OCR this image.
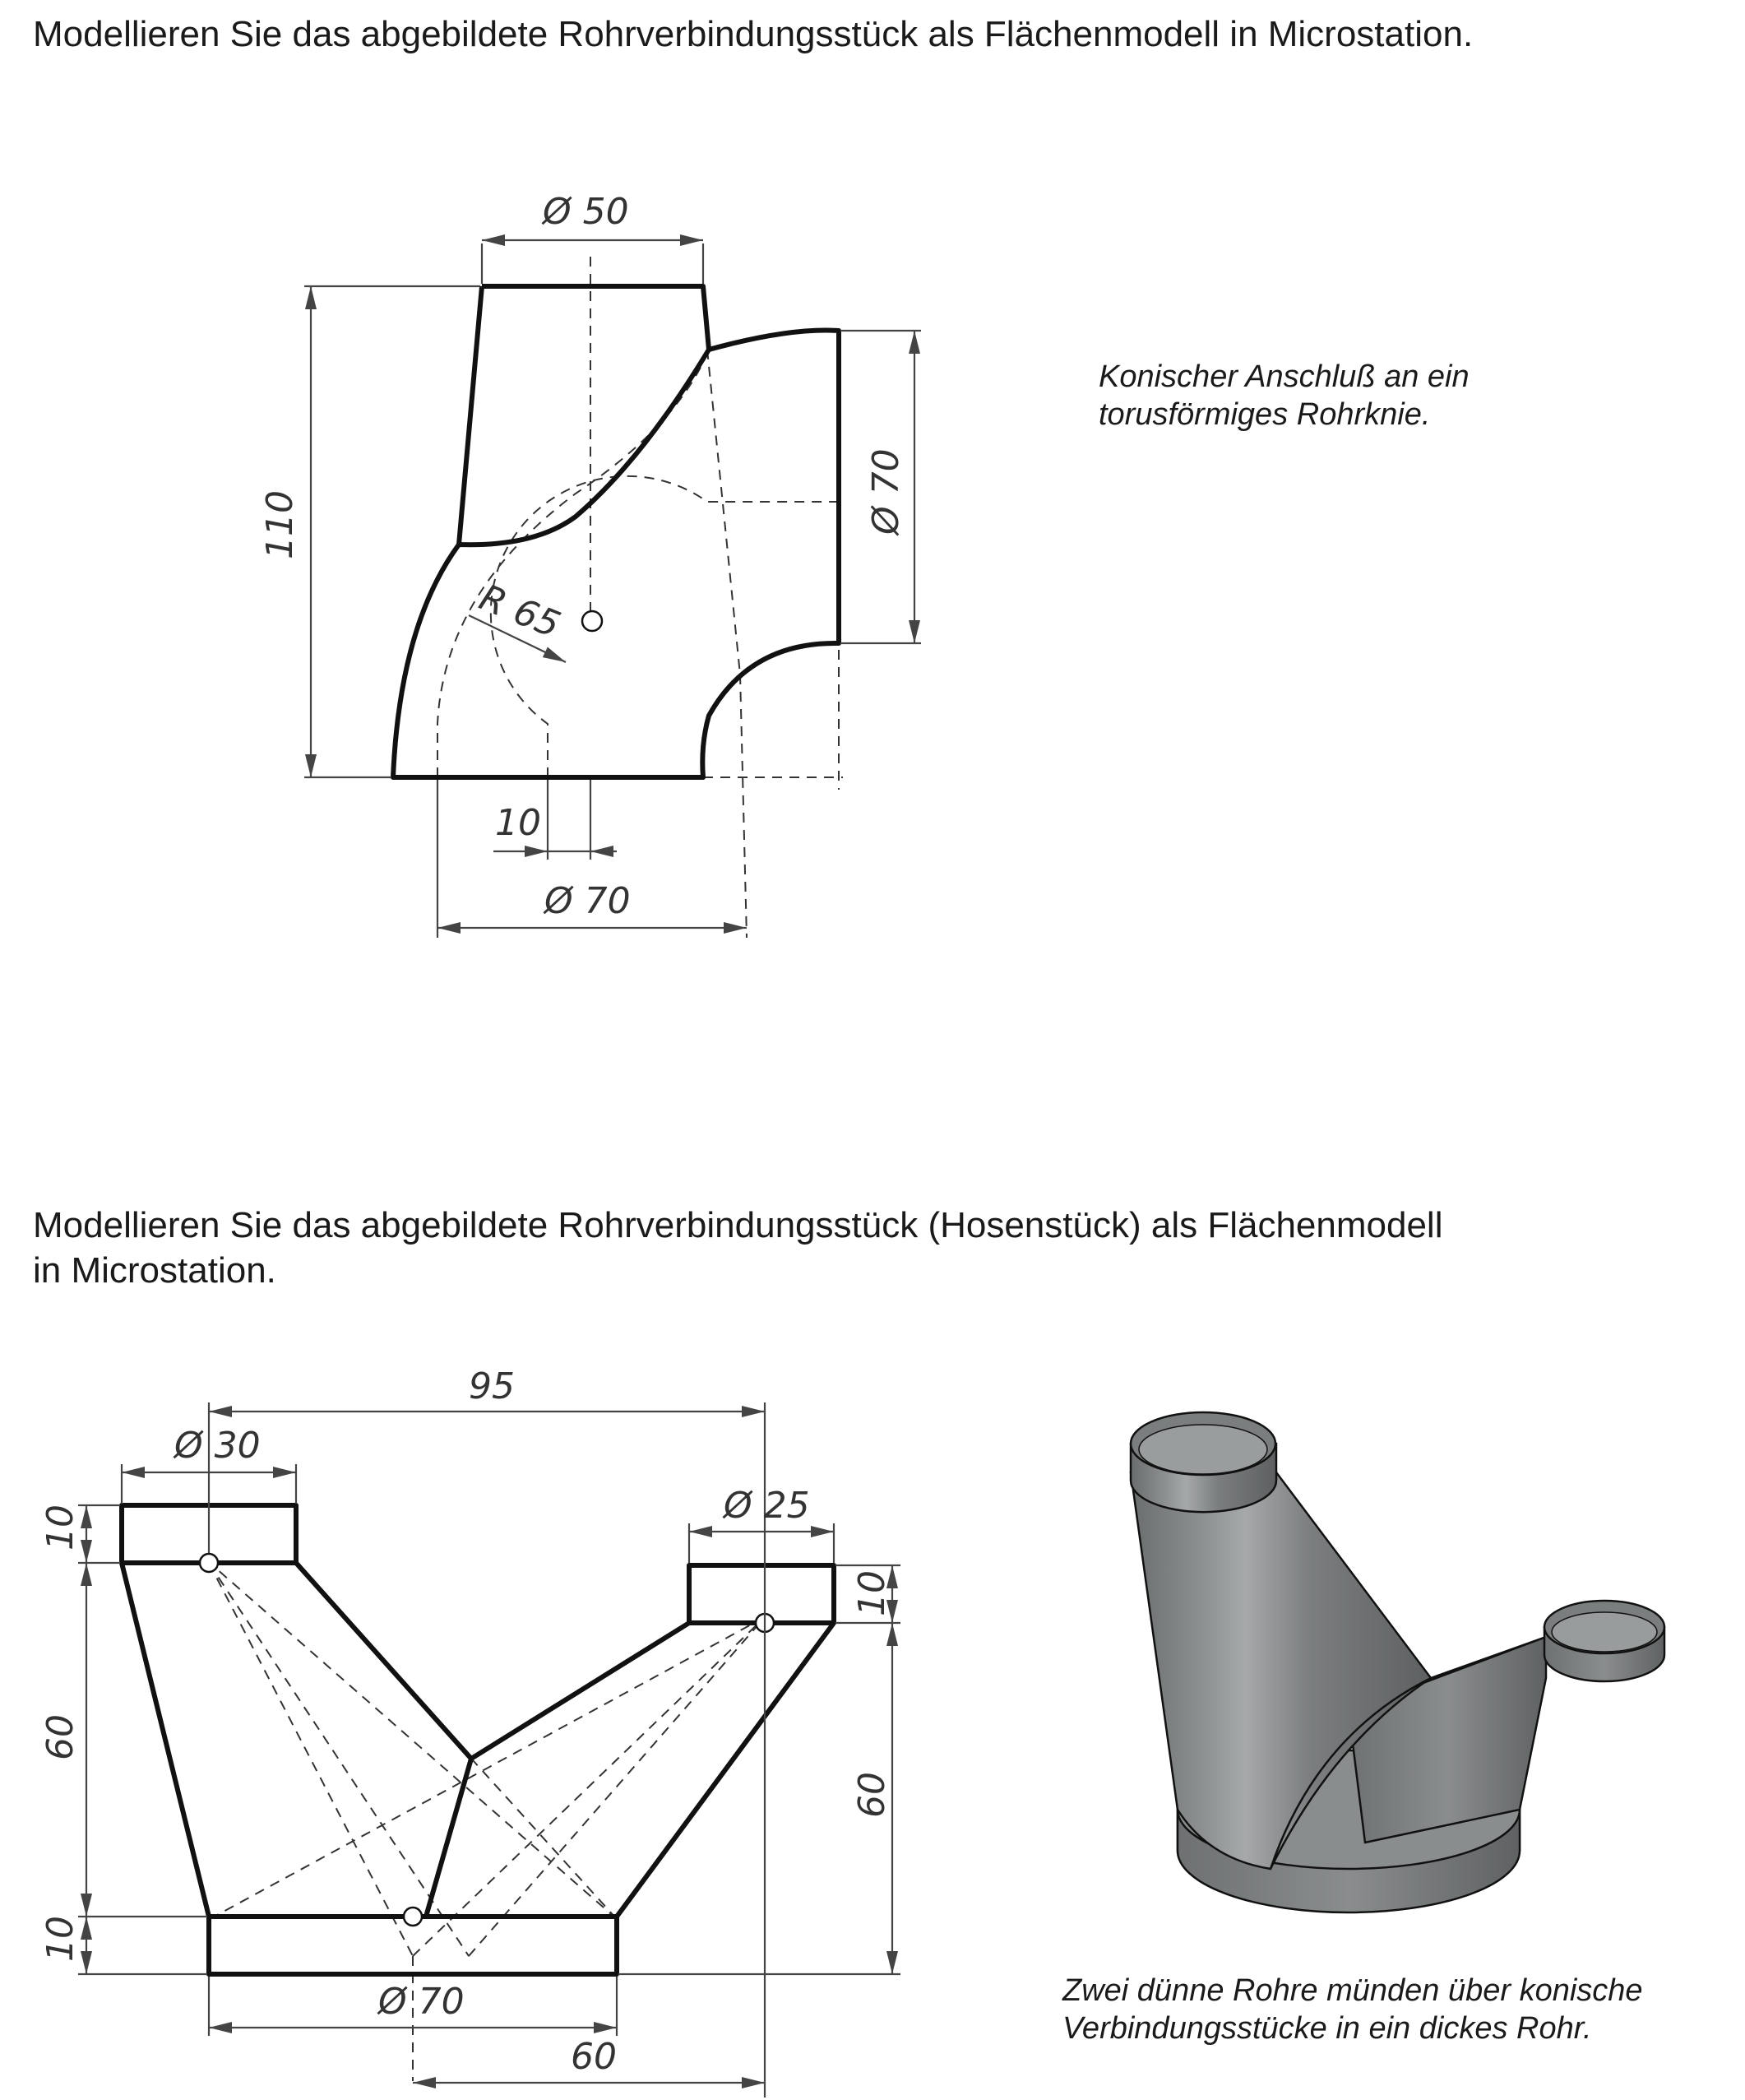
Modellieren Sie das abgebildete Rohrverbindungsstück als Flächenmodell in Microstation.

Konischer Anschluß an ein
torusförmiges Rohrknie.

Modellieren Sie das abgebildete Rohrverbindungsstück (Hosenstück) als Flächenmodell
in Microstation.

Zwei dünne Rohre münden über konische
Verbindungsstücke in ein dickes Rohr.

Ø 50
110	Ø 70
R 65
10
Ø 70
95
Ø 30
Ø 25
10
60
10
10
60
Ø 70
60
